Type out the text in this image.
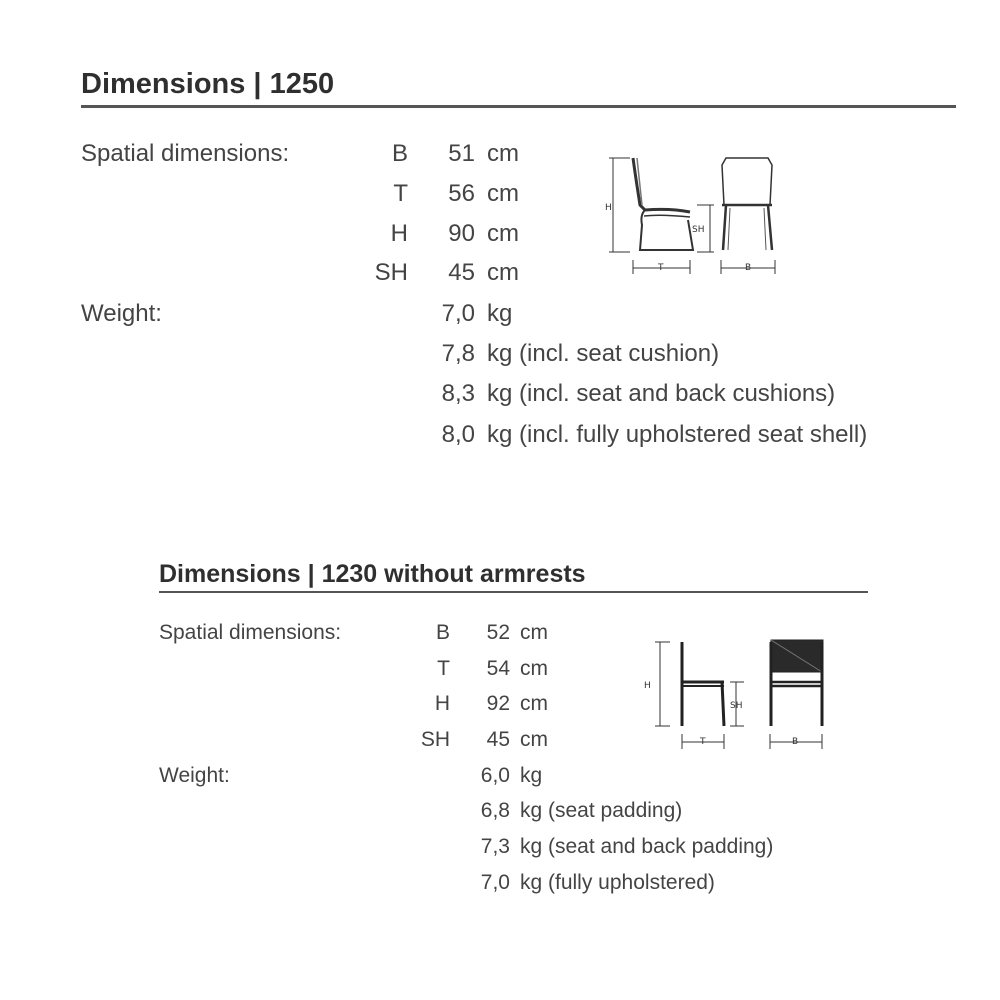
Dimensions | 1250
Spatial dimensions:	B	51 cm
T	56 cm
H	90 cm
SH	45 cm
Weight:	7,0 kg
7,8 kg (incl. seat cushion)
8,3 kg (incl. seat and back cushions)
8,0 kg (incl. fully upholstered seat shell)
H
SH
T	B
Dimensions | 1230 without armrests
Spatial dimensions:	B	52 cm
T	54 cm
H	92 cm
SH	45 cm
Weight:	6,0 kg
6,8 kg (seat padding)
7,3 kg (seat and back padding)
7,0 kg (fully upholstered)
H
SH
T	B
